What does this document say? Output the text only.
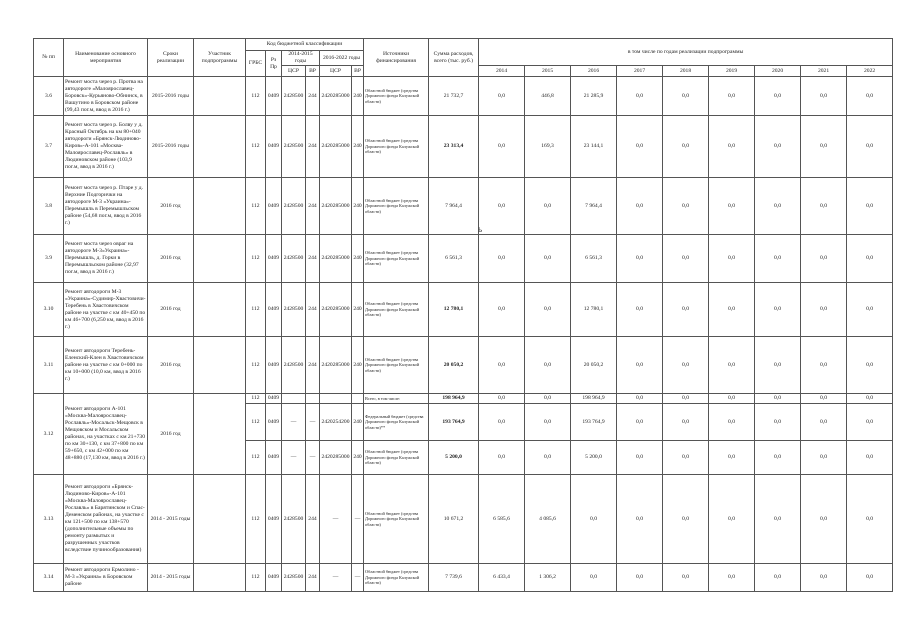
№ пп	Наименование основного мероприятия	Сроки реализации	Участник подпрограммы	Код бюджетной классификации						Источники финансирования	Сумма расходов, всего (тыс. руб.)	в том числе по годам реализации подпрограммы								
				ГРБС	Рз Пр	2014-2015 годы		2016-2022 годы												
						ЦСР	ВР	ЦСР	ВР			2014	2015	2016	2017	2018	2019	2020	2021	2022
3.6	Ремонт моста через р. Протва на автодороге «Малоярославец-Боровск»-Курьяново-Обнинск, в Вашутино в Боровском районе (99,43 пог.м, ввод в 2016 г.)	2015-2016 годы		112	0409	2428500	244	2420285000	240	Областной бюджет (средства Дорожного фонда Калужской области)	21 732,7	0,0	446,8	21 285,9	0,0	0,0	0,0	0,0	0,0	0,0
3.7	Ремонт моста через р. Болву у д. Красный Октябрь на км 80+040 автодороги «Брянск-Людиново-Киров»-А-101 «Москва-Малоярославец-Рославль» в Людиновском районе (103,9 пог.м, ввод в 2016 г.)	2015-2016 годы		112	0409	2428500	244	2420285000	240	Областной бюджет (средства Дорожного фонда Калужской области)	23 313,4	0,0	169,3	23 144,1	0,0	0,0	0,0	0,0	0,0	0,0
3.8	Ремонт моста через р. Птаре у д. Верхние Подгорички на автодороге М-3 «Украина»-Перемышль в Перемышльском районе (54,68 пог.м, ввод в 2016 г.)	2016 год		112	0409	2428500	244	2420285000	240	Областной бюджет (средства Дорожного фонда Калужской области)	7 964,4	0,0	0,0	7 964,4	0,0	0,0	0,0	0,0	0,0	0,0
3.9	Ремонт моста через овраг на автодороге М-3«Украина»-Перемышль, д. Горки в Перемышльском районе (32,97 пог.м, ввод в 2016 г.)	2016 год		112	0409	2428500	244	2420285000	240	Областной бюджет (средства Дорожного фонда Калужской области)	6 561,3	0,0	0,0	6 561,3	0,0	0,0	0,0	0,0	0,0	0,0
3.10	Ремонт автодороги М-3 «Украина»-Судимир-Хвастовичи-Теребень в Хвастовичском районе на участке с км 40+450 по км 46+700 (6,250 км, ввод в 2016 г.)	2016 год		112	0409	2428500	244	2420285000	240	Областной бюджет (средства Дорожного фонда Калужской области)	12 780,1	0,0	0,0	12 780,1	0,0	0,0	0,0	0,0	0,0	0,0
3.11	Ремонт автодороги Теребень-Еленский-Клен в Хвастовичском районе на участке с км 0+000 по км 10+000 (10,0 км, ввод в 2016 г.)	2016 год		112	0409	2428500	244	2420285000	240	Областной бюджет (средства Дорожного фонда Калужской области)	20 050,2	0,0	0,0	20 050,2	0,0	0,0	0,0	0,0	0,0	0,0
3.12	Ремонт автодороги А-101 «Москва-Малоярославец-Рославль»-Мосальск-Мещовск в Мещовском и Мосальском районах, на участках с км 21+730 по км 30+130, с км 37+800 по км 59+650, с км 42+000 по км 48+880 (17,130 км, ввод в 2016 г.)	2016 год		112	0409					Всего, в том числе:	198 964,9	0,0	0,0	198 964,9	0,0	0,0	0,0	0,0	0,0	0,0
				112	0409	—	—	2420254200	240	Федеральный бюджет (средства Дорожного фонда Калужской области)**	193 764,9	0,0	0,0	193 764,9	0,0	0,0	0,0	0,0	0,0	0,0
				112	0409	—	—	2420285000	240	Областной бюджет (средства Дорожного фонда Калужской области)	5 200,0	0,0	0,0	5 200,0	0,0	0,0	0,0	0,0	0,0	0,0
3.13	Ремонт автодороги «Брянск-Людиново-Киров»-А-101 «Москва-Малоярославец-Рославль» в Барятинском и Спас-Деменском районах, на участке с км 121+500 по км 138+570 (дополнительные объемы по ремонту размытых и разрушенных участков вследствие пучинообразования)	2014 - 2015 годы		112	0409	2428500	244	—	—	Областной бюджет (средства Дорожного фонда Калужской области)	10 671,2	6 585,6	4 085,6	0,0	0,0	0,0	0,0	0,0	0,0	0,0
3.14	Ремонт автодороги Ермолино - М-3 «Украина» в Боровском районе	2014 - 2015 годы		112	0409	2428500	244	—	—	Областной бюджет (средства Дорожного фонда Калужской области)	7 739,6	6 433,4	1 306,2	0,0	0,0	0,0	0,0	0,0	0,0	0,0
ь
